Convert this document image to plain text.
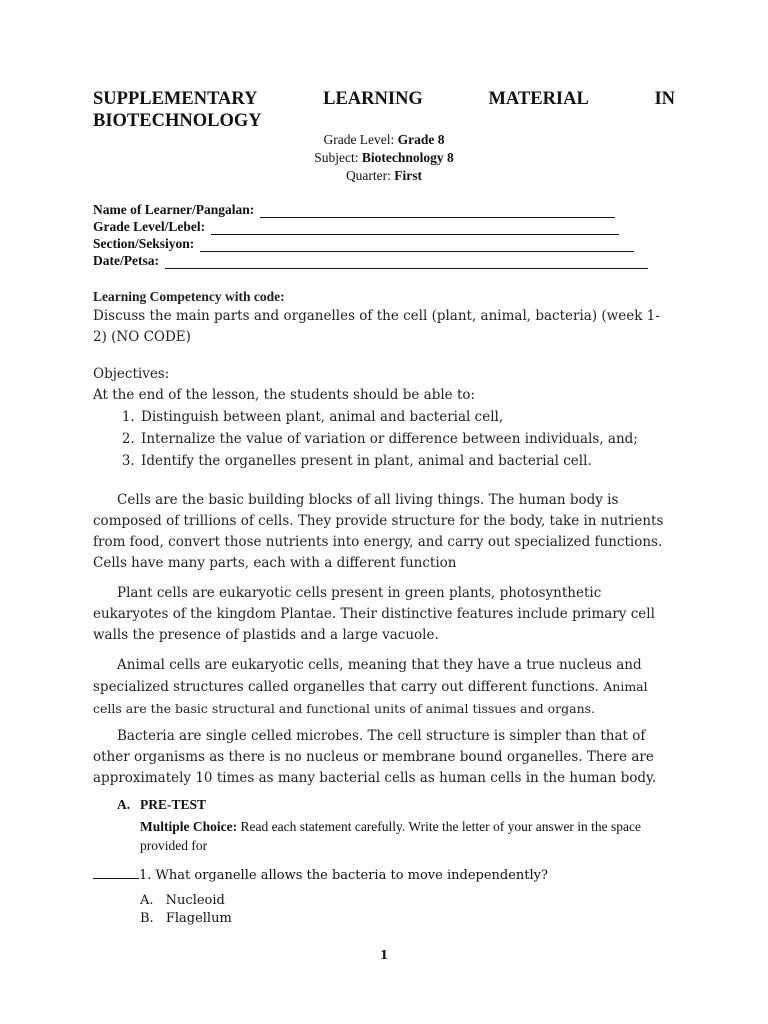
SUPPLEMENTARY	LEARNING	MATERIAL	IN
BIOTECHNOLOGY
Grade Level: Grade 8
Subject: Biotechnology 8
Quarter: First
Name of Learner/Pangalan:
Grade Level/Lebel:
Section/Seksiyon:
Date/Petsa:
Learning Competency with code:
Discuss the main parts and organelles of the cell (plant, animal, bacteria) (week 1-2) (NO CODE)
Objectives:
At the end of the lesson, the students should be able to:
1. Distinguish between plant, animal and bacterial cell,
2. Internalize the value of variation or difference between individuals, and;
3. Identify the organelles present in plant, animal and bacterial cell.
Cells are the basic building blocks of all living things. The human body is composed of trillions of cells. They provide structure for the body, take in nutrients from food, convert those nutrients into energy, and carry out specialized functions. Cells have many parts, each with a different function
Plant cells are eukaryotic cells present in green plants, photosynthetic eukaryotes of the kingdom Plantae. Their distinctive features include primary cell walls the presence of plastids and a large vacuole.
Animal cells are eukaryotic cells, meaning that they have a true nucleus and specialized structures called organelles that carry out different functions. Animal cells are the basic structural and functional units of animal tissues and organs.
Bacteria are single celled microbes. The cell structure is simpler than that of other organisms as there is no nucleus or membrane bound organelles. There are approximately 10 times as many bacterial cells as human cells in the human body.
A. PRE-TEST
Multiple Choice: Read each statement carefully. Write the letter of your answer in the space provided for
1. What organelle allows the bacteria to move independently?
A. Nucleoid
B. Flagellum
1
